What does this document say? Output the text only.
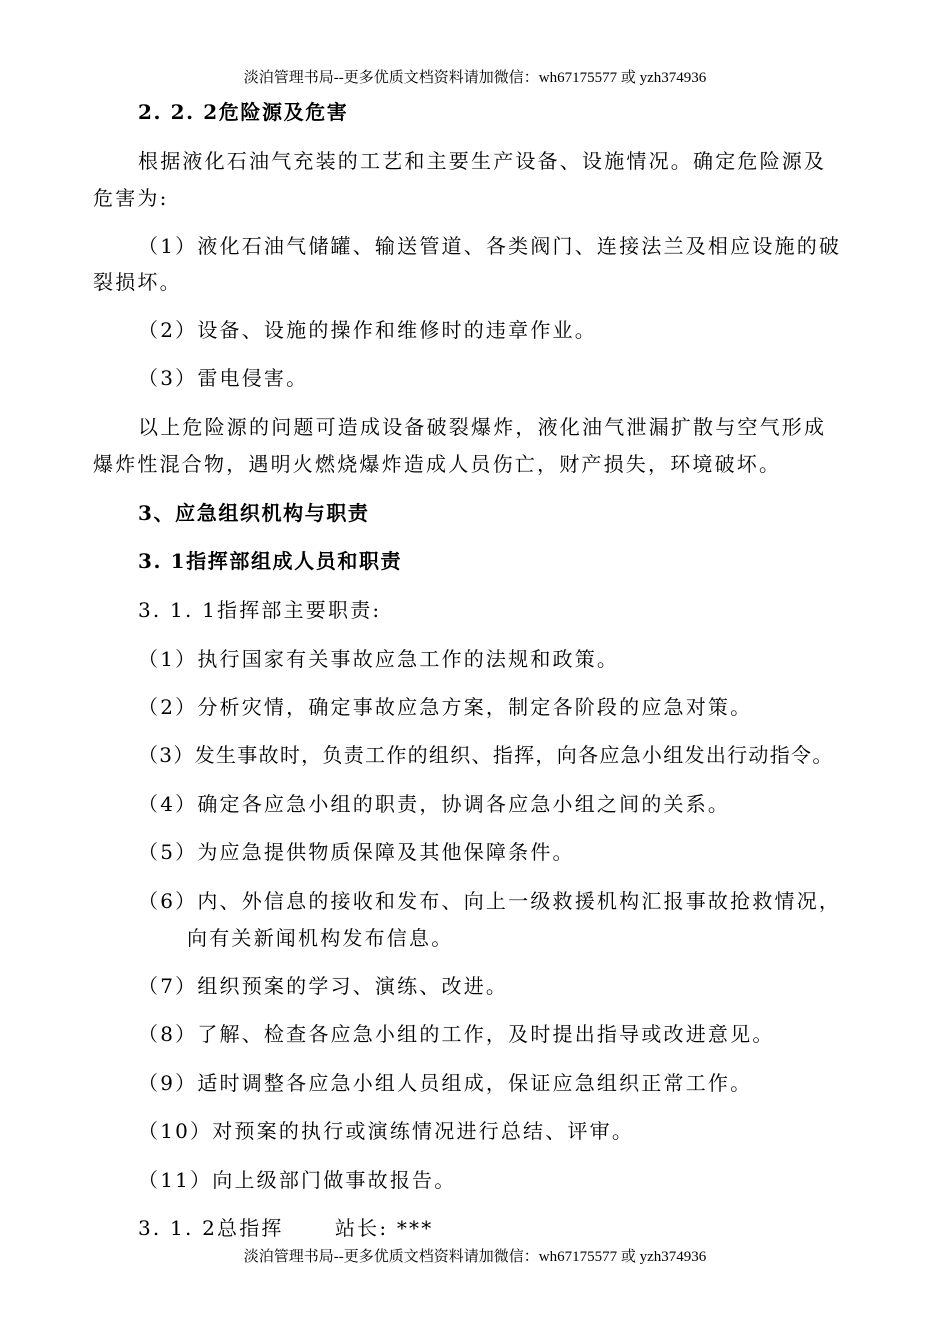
淡泊管理书局--更多优质文档资料请加微信：wh67175577 或 yzh374936
2. 2. 2危险源及危害
根据液化石油气充装的工艺和主要生产设备、设施情况。确定危险源及
危害为:
（1）液化石油气储罐、输送管道、各类阀门、连接法兰及相应设施的破
裂损坏。
（2）设备、设施的操作和维修时的违章作业。
（3）雷电侵害。
以上危险源的问题可造成设备破裂爆炸，液化油气泄漏扩散与空气形成
爆炸性混合物，遇明火燃烧爆炸造成人员伤亡，财产损失，环境破坏。
3、应急组织机构与职责
3. 1指挥部组成人员和职责
3. 1. 1指挥部主要职责:
（1）执行国家有关事故应急工作的法规和政策。
（2）分析灾情，确定事故应急方案，制定各阶段的应急对策。
（3）发生事故时，负责工作的组织、指挥，向各应急小组发出行动指令。
（4）确定各应急小组的职责，协调各应急小组之间的关系。
（5）为应急提供物质保障及其他保障条件。
（6）内、外信息的接收和发布、向上一级救援机构汇报事故抢救情况，
向有关新闻机构发布信息。
（7）组织预案的学习、演练、改进。
（8）了解、检查各应急小组的工作，及时提出指导或改进意见。
（9）适时调整各应急小组人员组成，保证应急组织正常工作。
（10）对预案的执行或演练情况进行总结、评审。
（11）向上级部门做事故报告。
3. 1. 2总指挥      站长: ***
淡泊管理书局--更多优质文档资料请加微信：wh67175577 或 yzh374936
